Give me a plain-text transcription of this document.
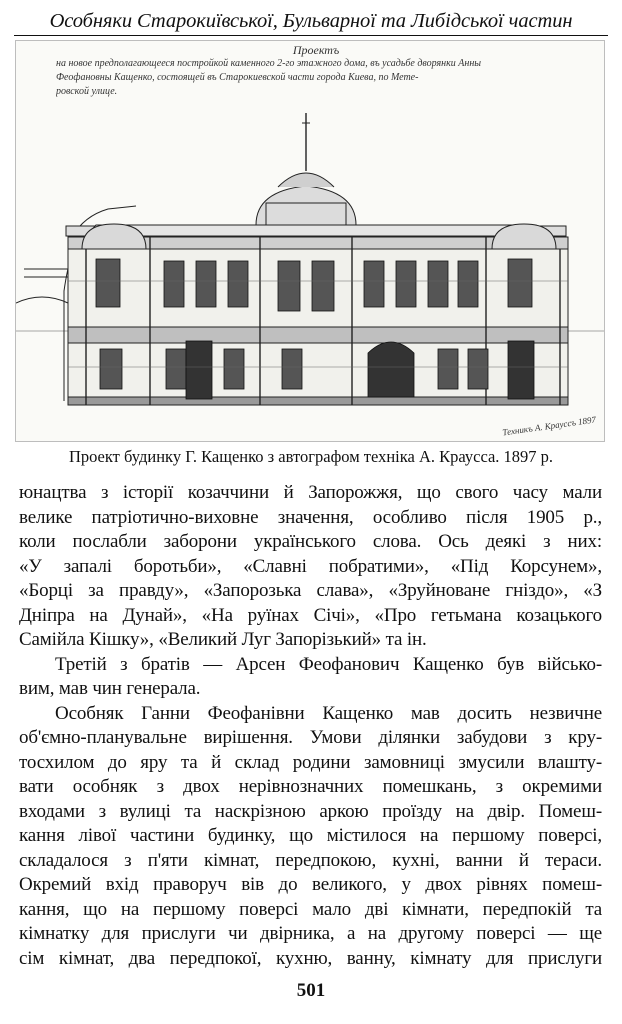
Особняки Старокиївської, Бульварної та Либідської частин
Проектъ
на новое предполагающееся постройкой каменного 2-го этажного дома, въ усадьбе дворянки Анны
Феофановны Кащенко, состоящей въ Старокиевской части города Киева, по Мете-
ровской улице.
Техникъ А. Крауссъ 1897
Проект будинку Г. Кащенко з автографом техніка А. Краусса. 1897 р.
юнацтва з історії козаччини й Запорожжя, що свого часу мали
велике патріотично-виховне значення, особливо після 1905 р.,
коли послабли заборони українського слова. Ось деякі з них:
«У запалі боротьби», «Славні побратими», «Під Корсунем»,
«Борці за правду», «Запорозька слава», «Зруйноване гніздо», «З
Дніпра на Дунай», «На руїнах Січі», «Про гетьмана козацького
Самійла Кішку», «Великий Луг Запорізький» та ін.
Третій з братів — Арсен Феофанович Кащенко був військо-
вим, мав чин генерала.
Особняк Ганни Феофанівни Кащенко мав досить незвичне
об'ємно-планувальне вирішення. Умови ділянки забудови з кру-
тосхилом до яру та й склад родини замовниці змусили влашту-
вати особняк з двох нерівнозначних помешкань, з окремими
входами з вулиці та наскрізною аркою проїзду на двір. Помеш-
кання лівої частини будинку, що містилося на першому поверсі,
складалося з п'яти кімнат, передпокою, кухні, ванни й тераси.
Окремий вхід праворуч вів до великого, у двох рівнях помеш-
кання, що на першому поверсі мало дві кімнати, передпокій та
кімнатку для прислуги чи двірника, а на другому поверсі — ще
сім кімнат, два передпокої, кухню, ванну, кімнату для прислуги
501
